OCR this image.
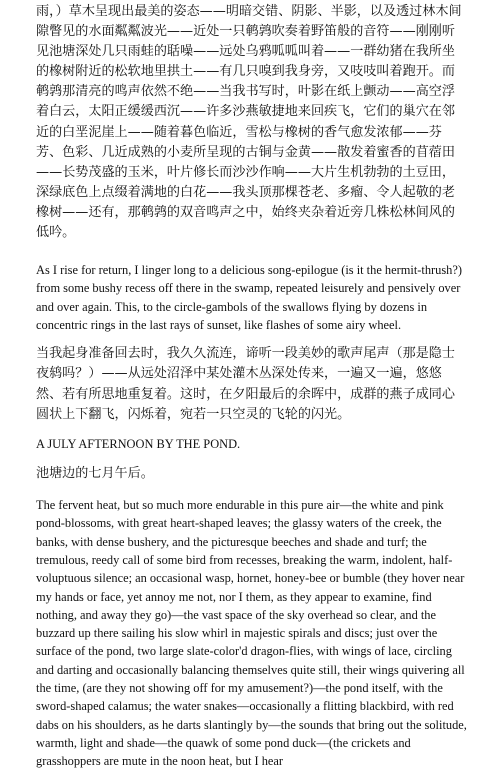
雨，）草木呈现出最美的姿态——明暗交错、阴影、半影，以及透过林木间隙瞥见的水面粼粼波光——近处一只鹌鹑吹奏着野笛般的音符——刚刚听见池塘深处几只雨蛙的聒噪——远处乌鸦呱呱叫着——一群幼猪在我所坐的橡树附近的松软地里拱土——有几只嗅到我身旁，又吱吱叫着跑开。而鹌鹑那清亮的鸣声依然不绝——当我书写时，叶影在纸上颤动——高空浮着白云，太阳正缓缓西沉——许多沙燕敏捷地来回疾飞，它们的巢穴在邻近的白垩泥崖上——随着暮色临近，雪松与橡树的香气愈发浓郁——芬芳、色彩、几近成熟的小麦所呈现的古铜与金黄——散发着蜜香的苜蓿田——长势茂盛的玉米，叶片修长而沙沙作响——大片生机勃勃的土豆田，深绿底色上点缀着满地的白花——我头顶那棵苍老、多瘤、令人起敬的老橡树——还有，那鹌鹑的双音鸣声之中，始终夹杂着近旁几株松林间风的低吟。

As I rise for return, I linger long to a delicious song-epilogue (is it the hermit-thrush?) from some bushy recess off there in the swamp, repeated leisurely and pensively over and over again. This, to the circle-gambols of the swallows flying by dozens in concentric rings in the last rays of sunset, like flashes of some airy wheel.

当我起身准备回去时，我久久流连，谛听一段美妙的歌声尾声（那是隐士夜鸫吗？）——从远处沼泽中某处灌木丛深处传来，一遍又一遍，悠悠然、若有所思地重复着。这时，在夕阳最后的余晖中，成群的燕子成同心圆状上下翻飞，闪烁着，宛若一只空灵的飞轮的闪光。

A JULY AFTERNOON BY THE POND.

池塘边的七月午后。

The fervent heat, but so much more endurable in this pure air—the white and pink pond-blossoms, with great heart-shaped leaves; the glassy waters of the creek, the banks, with dense bushery, and the picturesque beeches and shade and turf; the tremulous, reedy call of some bird from recesses, breaking the warm, indolent, half-voluptuous silence; an occasional wasp, hornet, honey-bee or bumble (they hover near my hands or face, yet annoy me not, nor I them, as they appear to examine, find nothing, and away they go)—the vast space of the sky overhead so clear, and the buzzard up there sailing his slow whirl in majestic spirals and discs; just over the surface of the pond, two large slate-color'd dragon-flies, with wings of lace, circling and darting and occasionally balancing themselves quite still, their wings quivering all the time, (are they not showing off for my amusement?)—the pond itself, with the sword-shaped calamus; the water snakes—occasionally a flitting blackbird, with red dabs on his shoulders, as he darts slantingly by—the sounds that bring out the solitude, warmth, light and shade—the quawk of some pond duck—(the crickets and grasshoppers are mute in the noon heat, but I hear
